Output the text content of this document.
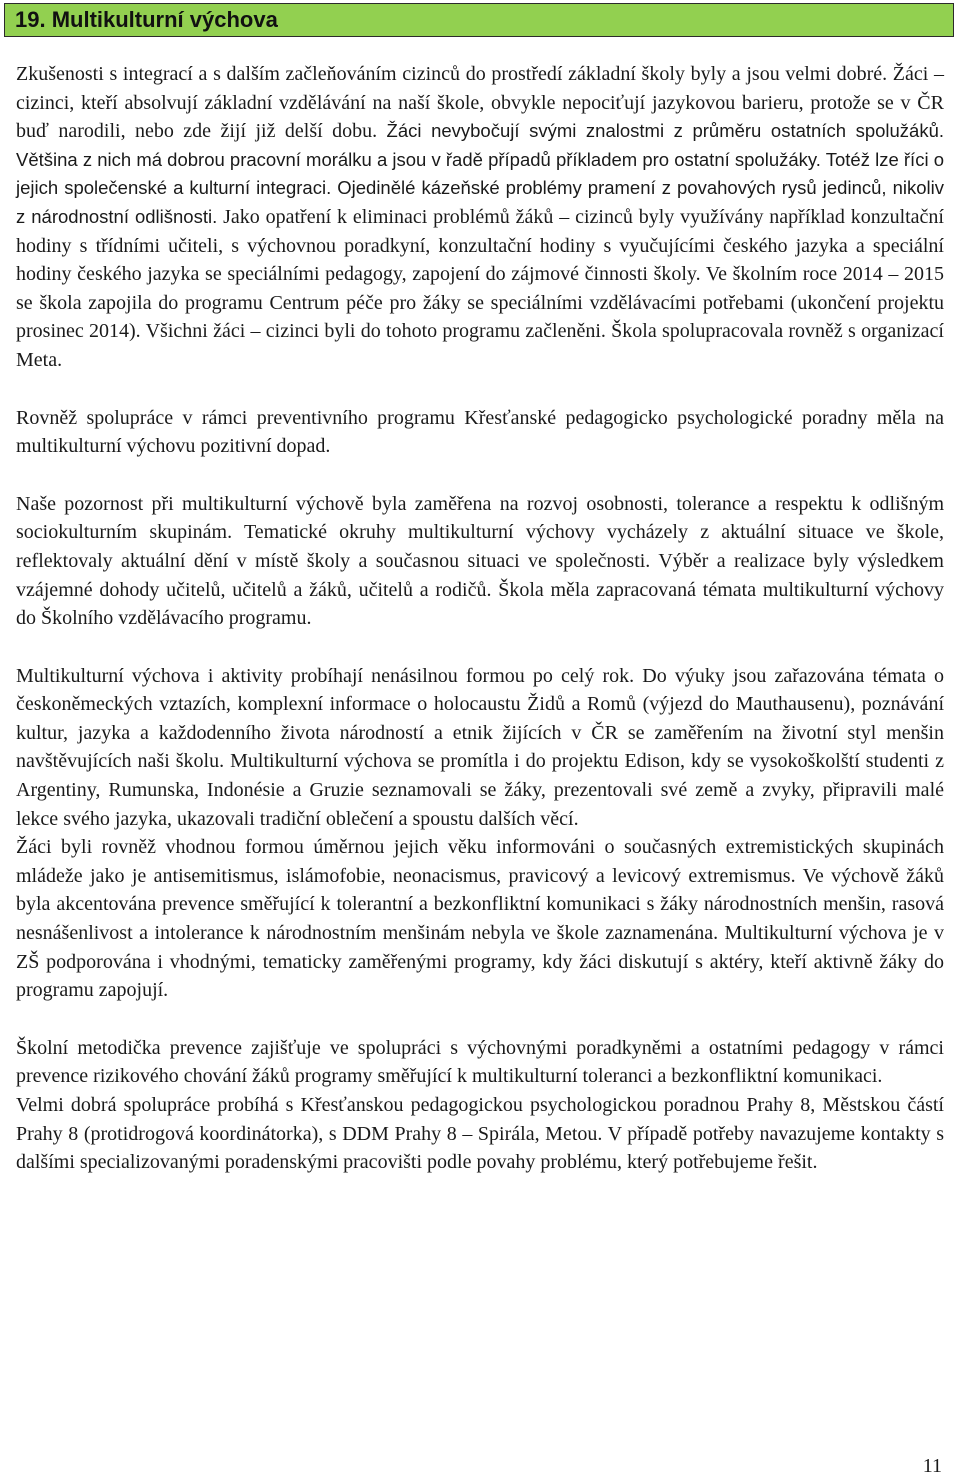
19. Multikulturní výchova

Zkušenosti s integrací a s dalším začleňováním cizinců do prostředí základní školy byly a jsou velmi dobré. Žáci – cizinci, kteří absolvují základní vzdělávání na naší škole, obvykle nepociťují jazykovou barieru, protože se v ČR buď narodili, nebo zde žijí již delší dobu. Žáci nevybočují svými znalostmi z průměru ostatních spolužáků. Většina z nich má dobrou pracovní morálku a jsou v řadě případů příkladem pro ostatní spolužáky. Totéž lze říci o jejich společenské a kulturní integraci. Ojedinělé kázeňské problémy pramení z povahových rysů jedinců, nikoliv z národnostní odlišnosti. Jako opatření k eliminaci problémů žáků – cizinců byly využívány například konzultační hodiny s třídními učiteli, s výchovnou poradkyní, konzultační hodiny s vyučujícími českého jazyka a speciální hodiny českého jazyka se speciálními pedagogy, zapojení do zájmové činnosti školy. Ve školním roce 2014 – 2015 se škola zapojila do programu Centrum péče pro žáky se speciálními vzdělávacími potřebami (ukončení projektu prosinec 2014). Všichni žáci – cizinci byli do tohoto programu začleněni. Škola spolupracovala rovněž s organizací Meta.

Rovněž spolupráce v rámci preventivního programu Křesťanské pedagogicko psychologické poradny měla na multikulturní výchovu pozitivní dopad.

Naše pozornost při multikulturní výchově byla zaměřena na rozvoj osobnosti, tolerance a respektu k odlišným sociokulturním skupinám. Tematické okruhy multikulturní výchovy vycházely z aktuální situace ve škole, reflektovaly aktuální dění v místě školy a současnou situaci ve společnosti. Výběr a realizace byly výsledkem vzájemné dohody učitelů, učitelů a žáků, učitelů a rodičů. Škola měla zapracovaná témata multikulturní výchovy do Školního vzdělávacího programu.

Multikulturní výchova i aktivity probíhají nenásilnou formou po celý rok. Do výuky jsou zařazována témata o českoněmeckých vztazích, komplexní informace o holocaustu Židů a Romů (výjezd do Mauthausenu), poznávání kultur, jazyka a každodenního života národností a etnik žijících v ČR se zaměřením na životní styl menšin navštěvujících naši školu. Multikulturní výchova se promítla i do projektu Edison, kdy se vysokoškolští studenti z Argentiny, Rumunska, Indonésie a Gruzie seznamovali se žáky, prezentovali své země a zvyky, připravili malé lekce svého jazyka, ukazovali tradiční oblečení a spoustu dalších věcí.

Žáci byli rovněž vhodnou formou úměrnou jejich věku informováni o současných extremistických skupinách mládeže jako je antisemitismus, islámofobie, neonacismus, pravicový a levicový extremismus. Ve výchově žáků byla akcentována prevence směřující k tolerantní a bezkonfliktní komunikaci s žáky národnostních menšin, rasová nesnášenlivost a intolerance k národnostním menšinám nebyla ve škole zaznamenána. Multikulturní výchova je v ZŠ podporována i vhodnými, tematicky zaměřenými programy, kdy žáci diskutují s aktéry, kteří aktivně žáky do programu zapojují.

Školní metodička prevence zajišťuje ve spolupráci s výchovnými poradkyněmi a ostatními pedagogy v rámci prevence rizikového chování žáků programy směřující k multikulturní toleranci a bezkonfliktní komunikaci.

Velmi dobrá spolupráce probíhá s Křesťanskou pedagogickou psychologickou poradnou Prahy 8, Městskou částí Prahy 8 (protidrogová koordinátorka), s DDM Prahy 8 – Spirála, Metou. V případě potřeby navazujeme kontakty s dalšími specializovanými poradenskými pracovišti podle povahy problému, který potřebujeme řešit.

11
